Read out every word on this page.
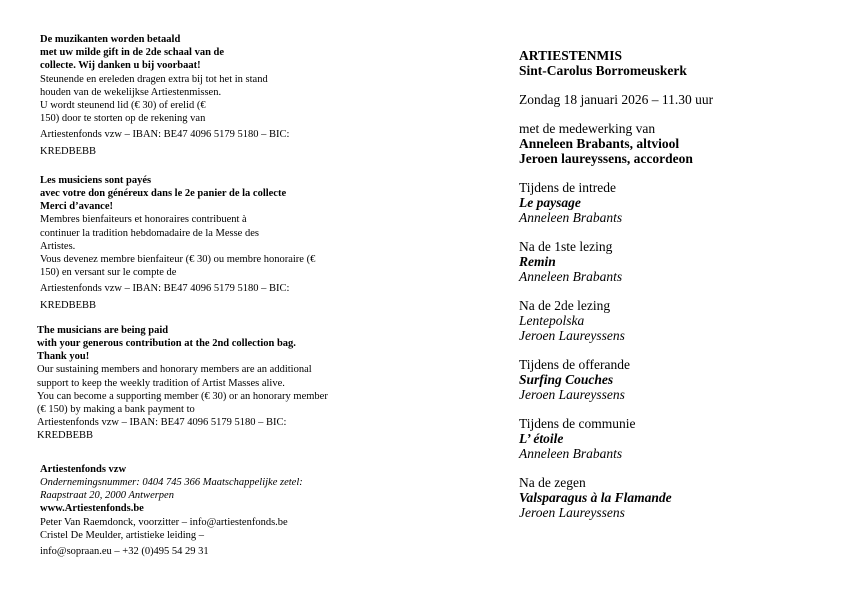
De muzikanten worden betaald
met uw milde gift in de 2de schaal van de
collecte. Wij danken u bij voorbaat!
Steunende en ereleden dragen extra bij tot het in stand
houden van de wekelijkse Artiestenmissen.
U wordt steunend lid (€ 30) of erelid (€
150) door te storten op de rekening van
Artiestenfonds vzw – IBAN: BE47 4096 5179 5180 – BIC:
KREDBEBB
Les musiciens sont payés
avec votre don généreux dans le 2e panier de la collecte
Merci d’avance!
Membres bienfaiteurs et honoraires contribuent à
continuer la tradition hebdomadaire de la Messe des
Artistes.
Vous devenez membre bienfaiteur (€ 30) ou membre honoraire (€
150) en versant sur le compte de
Artiestenfonds vzw – IBAN: BE47 4096 5179 5180 – BIC:
KREDBEBB
The musicians are being paid
with your generous contribution at the 2nd collection bag.
Thank you!
Our sustaining members and honorary members are an additional
support to keep the weekly tradition of Artist Masses alive.
You can become a supporting member (€ 30) or an honorary member
(€ 150) by making a bank payment to
Artiestenfonds vzw – IBAN: BE47 4096 5179 5180 – BIC:
KREDBEBB
Artiestenfonds vzw
Ondernemingsnummer: 0404 745 366 Maatschappelijke zetel:
Raapstraat 20, 2000 Antwerpen
www.Artiestenfonds.be
Peter Van Raemdonck, voorzitter – info@artiestenfonds.be
Cristel De Meulder, artistieke leiding –
info@sopraan.eu – +32 (0)495 54 29 31
ARTIESTENMIS
Sint-Carolus Borromeuskerk
Zondag 18 januari 2026 – 11.30 uur
met de medewerking van
Anneleen Brabants, altviool
Jeroen laureyssens, accordeon
Tijdens de intrede
Le paysage
Anneleen Brabants
Na de 1ste lezing
Remin
Anneleen Brabants
Na de 2de lezing
Lentepolska
Jeroen Laureyssens
Tijdens de offerande
Surfing Couches
Jeroen Laureyssens
Tijdens de communie
L’ étoile
Anneleen Brabants
Na de zegen
Valsparagus à la Flamande
Jeroen Laureyssens
